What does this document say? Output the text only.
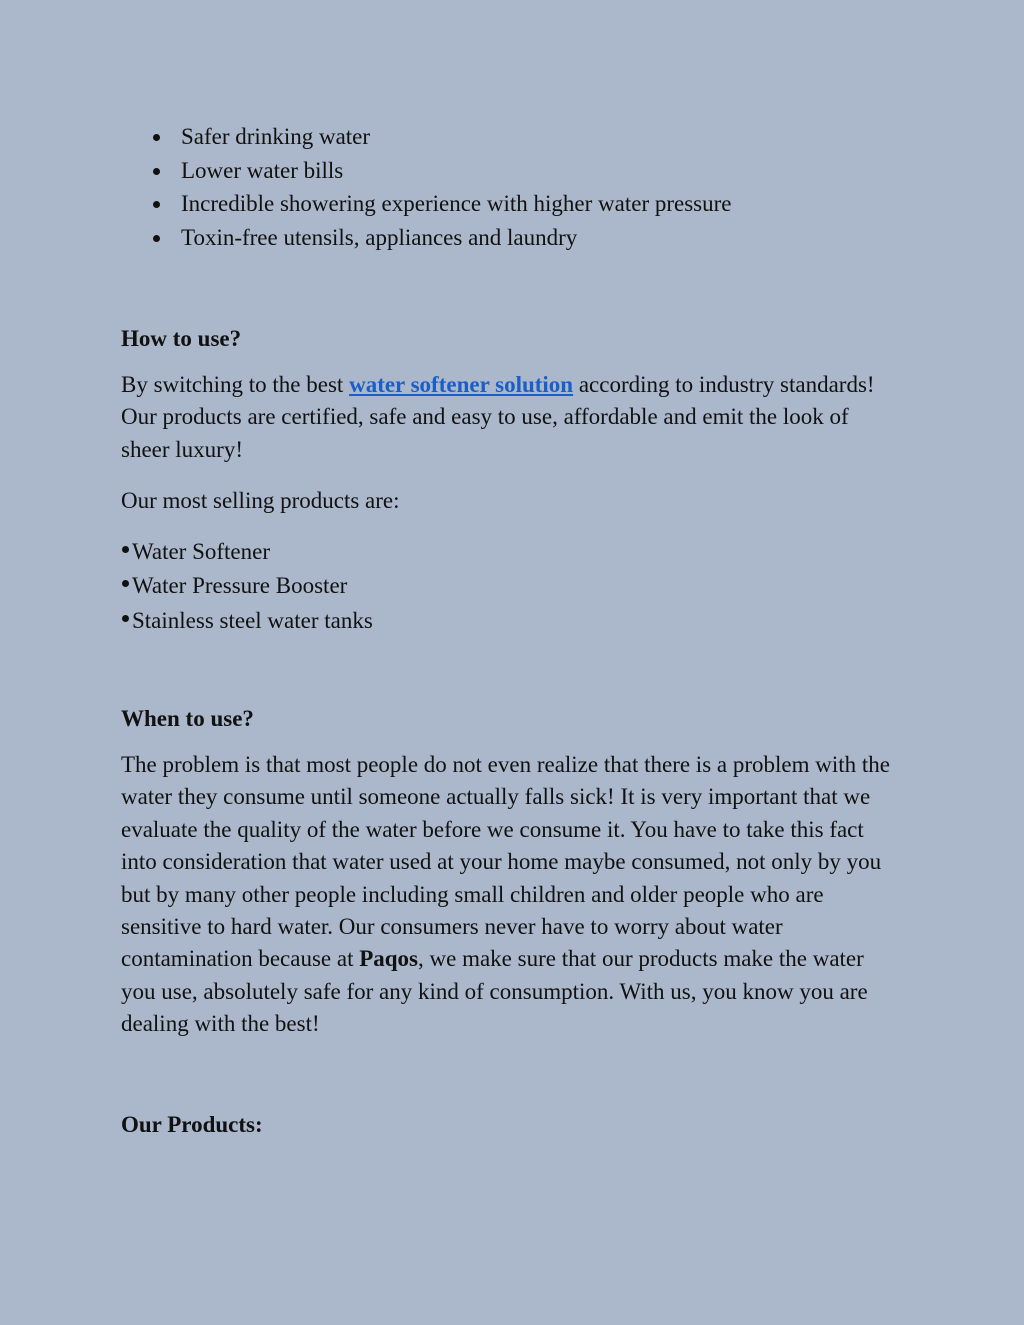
Safer drinking water
Lower water bills
Incredible showering experience with higher water pressure
Toxin-free utensils, appliances and laundry
How to use?

By switching to the best water softener solution according to industry standards! Our products are certified, safe and easy to use, affordable and emit the look of sheer luxury!

Our most selling products are:

Water Softener
Water Pressure Booster
Stainless steel water tanks
When to use?

The problem is that most people do not even realize that there is a problem with the water they consume until someone actually falls sick! It is very important that we evaluate the quality of the water before we consume it. You have to take this fact into consideration that water used at your home maybe consumed, not only by you but by many other people including small children and older people who are sensitive to hard water. Our consumers never have to worry about water contamination because at Paqos, we make sure that our products make the water you use, absolutely safe for any kind of consumption. With us, you know you are dealing with the best!

Our Products:
